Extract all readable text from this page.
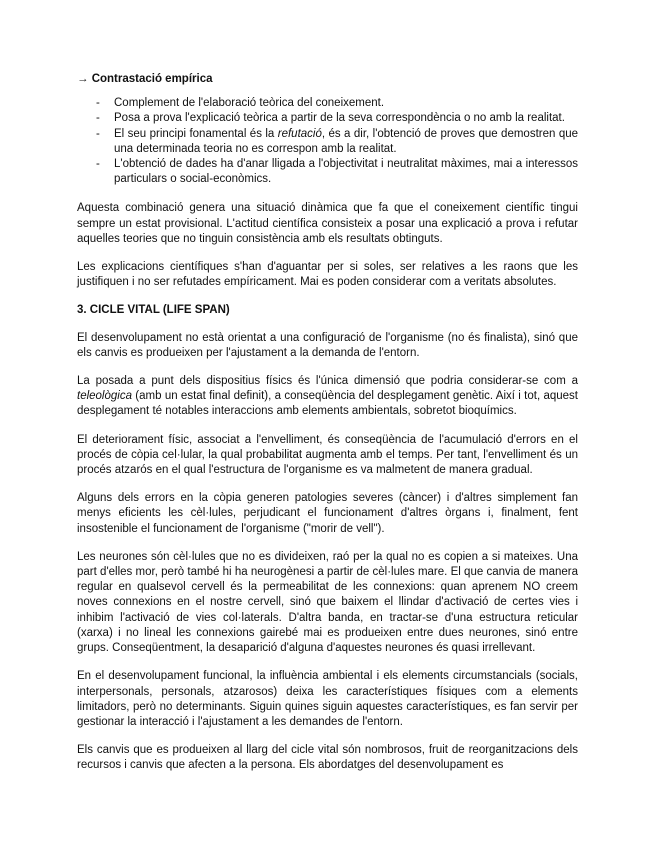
→ Contrastació empírica
- Complement de l'elaboració teòrica del coneixement.
- Posa a prova l'explicació teòrica a partir de la seva correspondència o no amb la realitat.
- El seu principi fonamental és la refutació, és a dir, l'obtenció de proves que demostren que una determinada teoria no es correspon amb la realitat.
- L'obtenció de dades ha d'anar lligada a l'objectivitat i neutralitat màximes, mai a interessos particulars o social-econòmics.

Aquesta combinació genera una situació dinàmica que fa que el coneixement científic tingui sempre un estat provisional. L'actitud científica consisteix a posar una explicació a prova i refutar aquelles teories que no tinguin consistència amb els resultats obtinguts.

Les explicacions científiques s'han d'aguantar per si soles, ser relatives a les raons que les justifiquen i no ser refutades empíricament. Mai es poden considerar com a veritats absolutes.

3. CICLE VITAL (LIFE SPAN)

El desenvolupament no està orientat a una configuració de l'organisme (no és finalista), sinó que els canvis es produeixen per l'ajustament a la demanda de l'entorn.

La posada a punt dels dispositius físics és l'única dimensió que podria considerar-se com a teleològica (amb un estat final definit), a conseqüència del desplegament genètic. Així i tot, aquest desplegament té notables interaccions amb elements ambientals, sobretot bioquímics.

El deteriorament físic, associat a l'envelliment, és conseqüència de l'acumulació d'errors en el procés de còpia cel·lular, la qual probabilitat augmenta amb el temps. Per tant, l'envelliment és un procés atzarós en el qual l'estructura de l'organisme es va malmetent de manera gradual.

Alguns dels errors en la còpia generen patologies severes (càncer) i d'altres simplement fan menys eficients les cèl·lules, perjudicant el funcionament d'altres òrgans i, finalment, fent insostenible el funcionament de l'organisme ("morir de vell").

Les neurones són cèl·lules que no es divideixen, raó per la qual no es copien a si mateixes. Una part d'elles mor, però també hi ha neurogènesi a partir de cèl·lules mare. El que canvia de manera regular en qualsevol cervell és la permeabilitat de les connexions: quan aprenem NO creem noves connexions en el nostre cervell, sinó que baixem el llindar d'activació de certes vies i inhibim l'activació de vies col·laterals. D'altra banda, en tractar-se d'una estructura reticular (xarxa) i no lineal les connexions gairebé mai es produeixen entre dues neurones, sinó entre grups. Conseqüentment, la desaparició d'alguna d'aquestes neurones és quasi irrellevant.

En el desenvolupament funcional, la influència ambiental i els elements circumstancials (socials, interpersonals, personals, atzarosos) deixa les característiques físiques com a elements limitadors, però no determinants. Siguin quines siguin aquestes característiques, es fan servir per gestionar la interacció i l'ajustament a les demandes de l'entorn.

Els canvis que es produeixen al llarg del cicle vital són nombrosos, fruit de reorganitzacions dels recursos i canvis que afecten a la persona. Els abordatges del desenvolupament es
